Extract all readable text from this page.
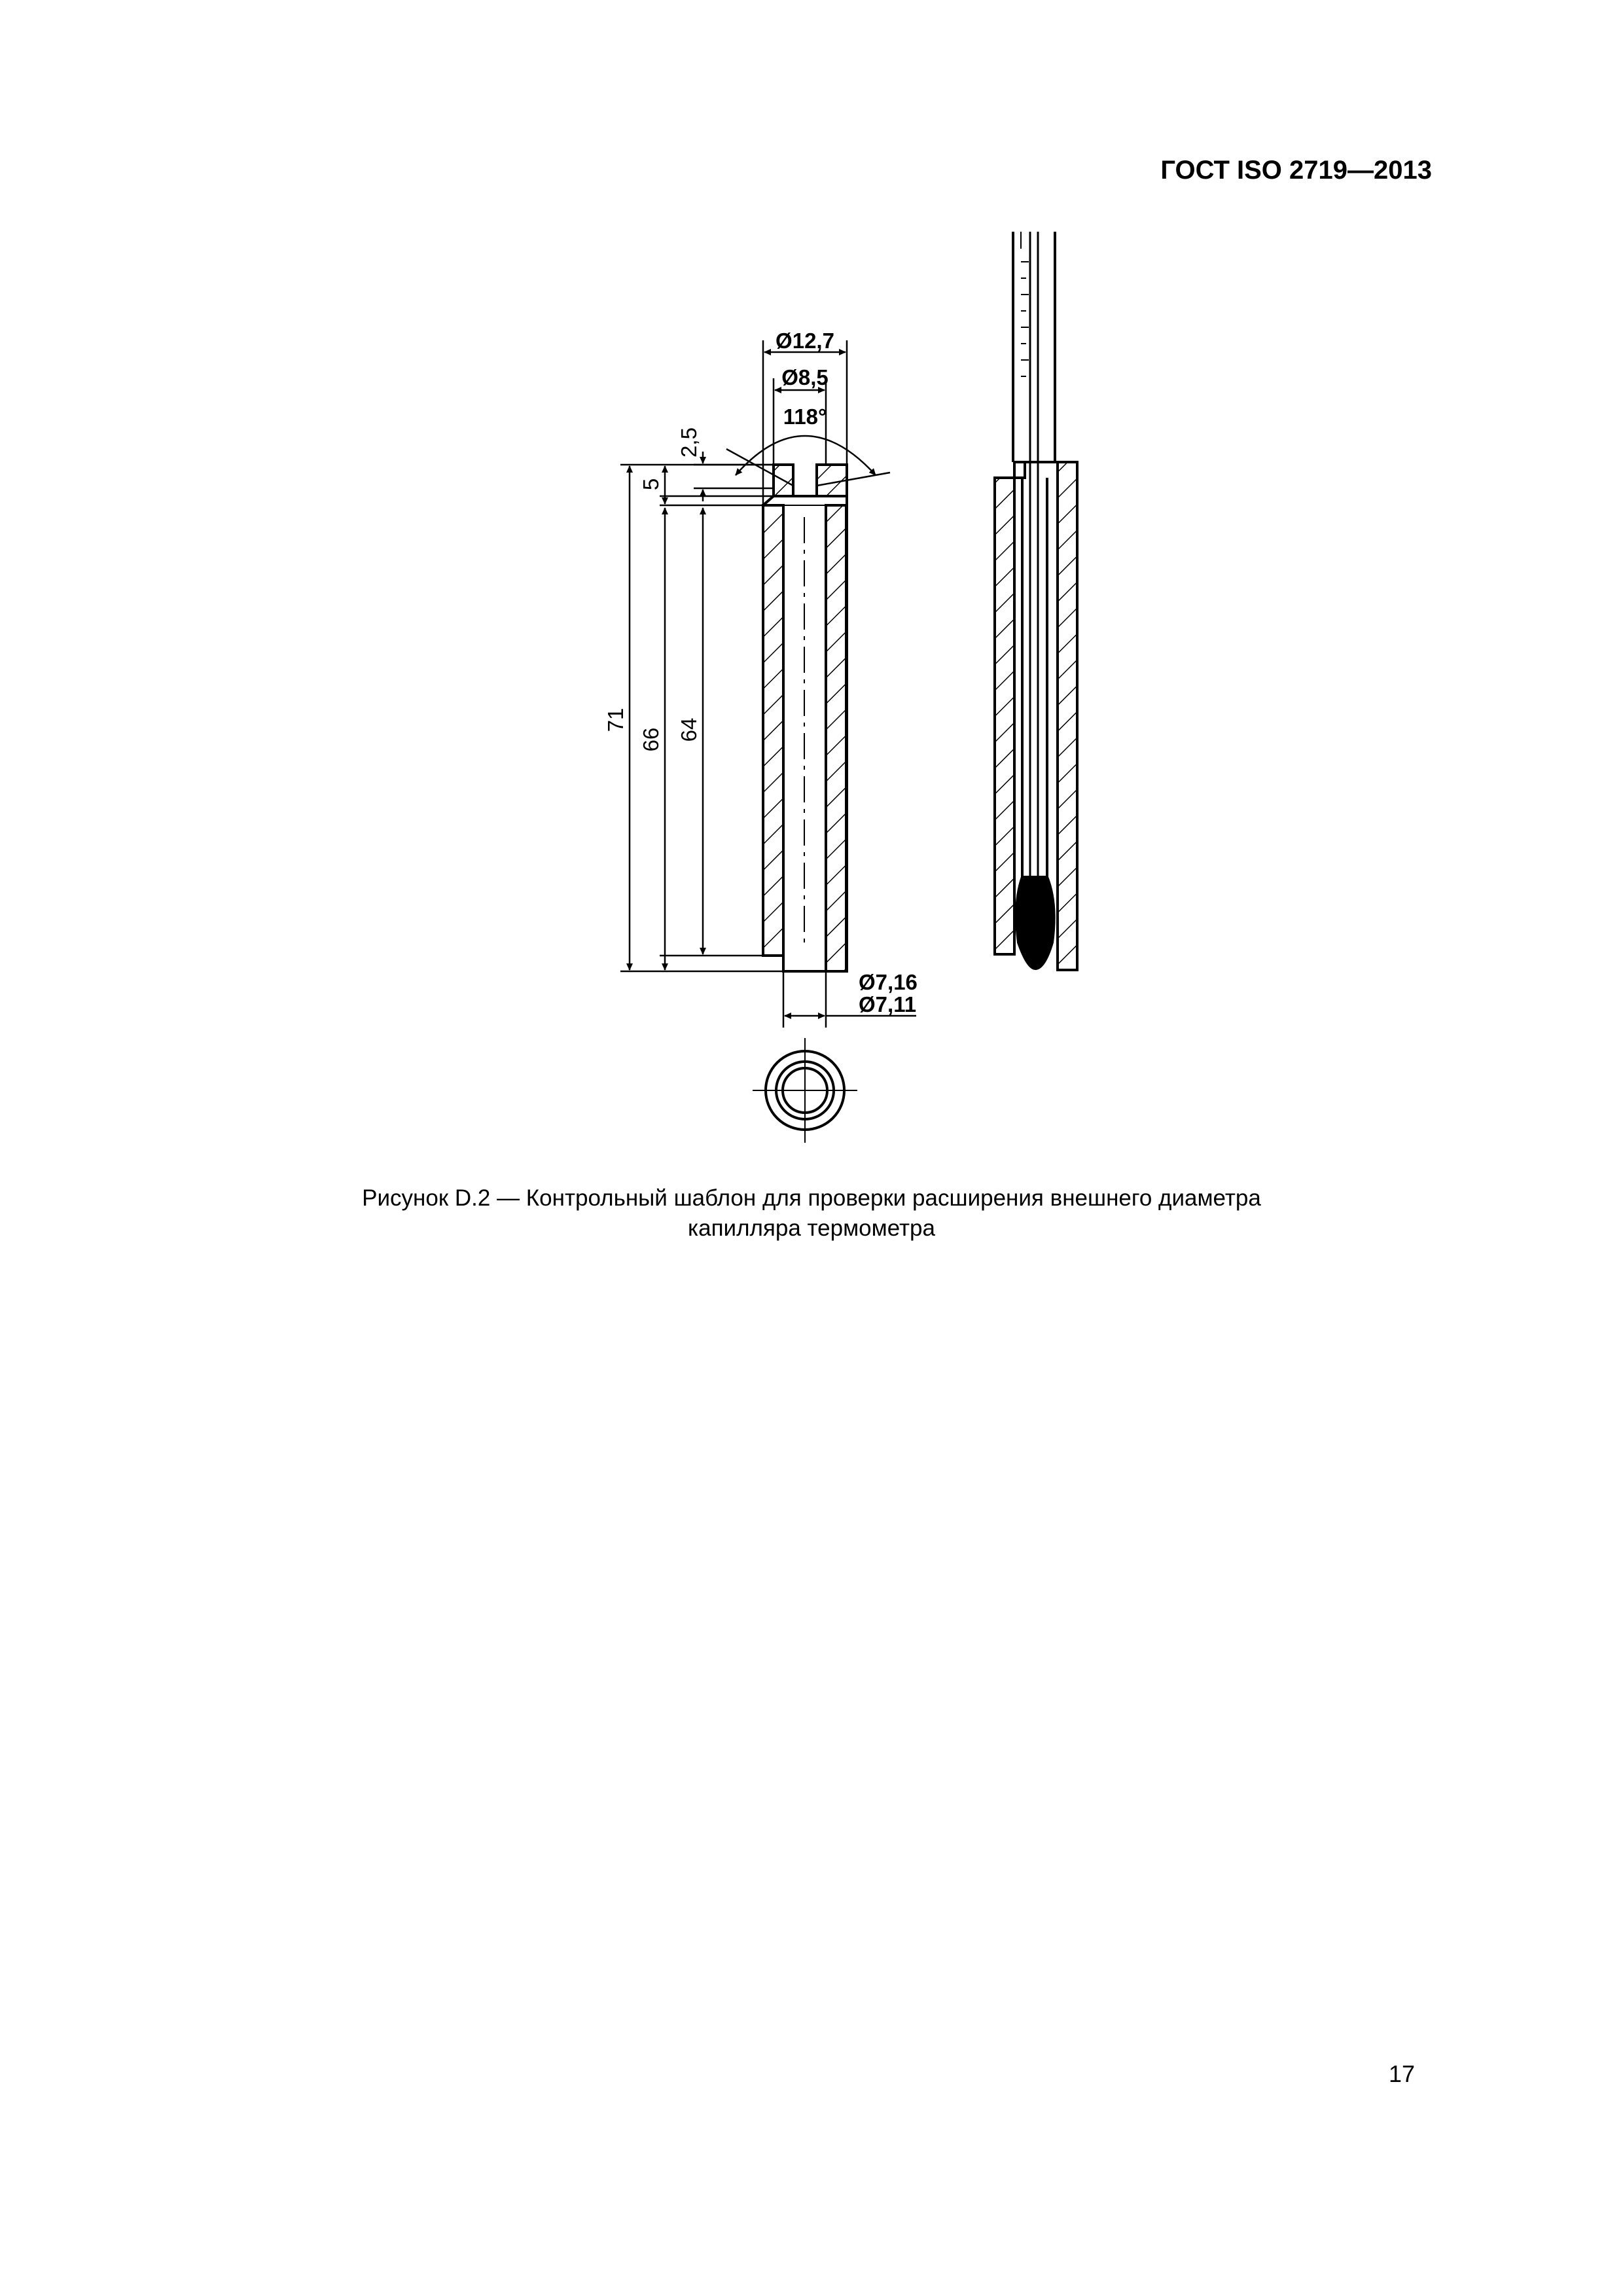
ГОСТ ISO 2719—2013
Ø12,7
Ø8,5
118°
2,5
5
71
66 64
Ø7,16
Ø7,11
Рисунок D.2 — Контрольный шаблон для проверки расширения внешнего диаметра
капилляра термометра
17
